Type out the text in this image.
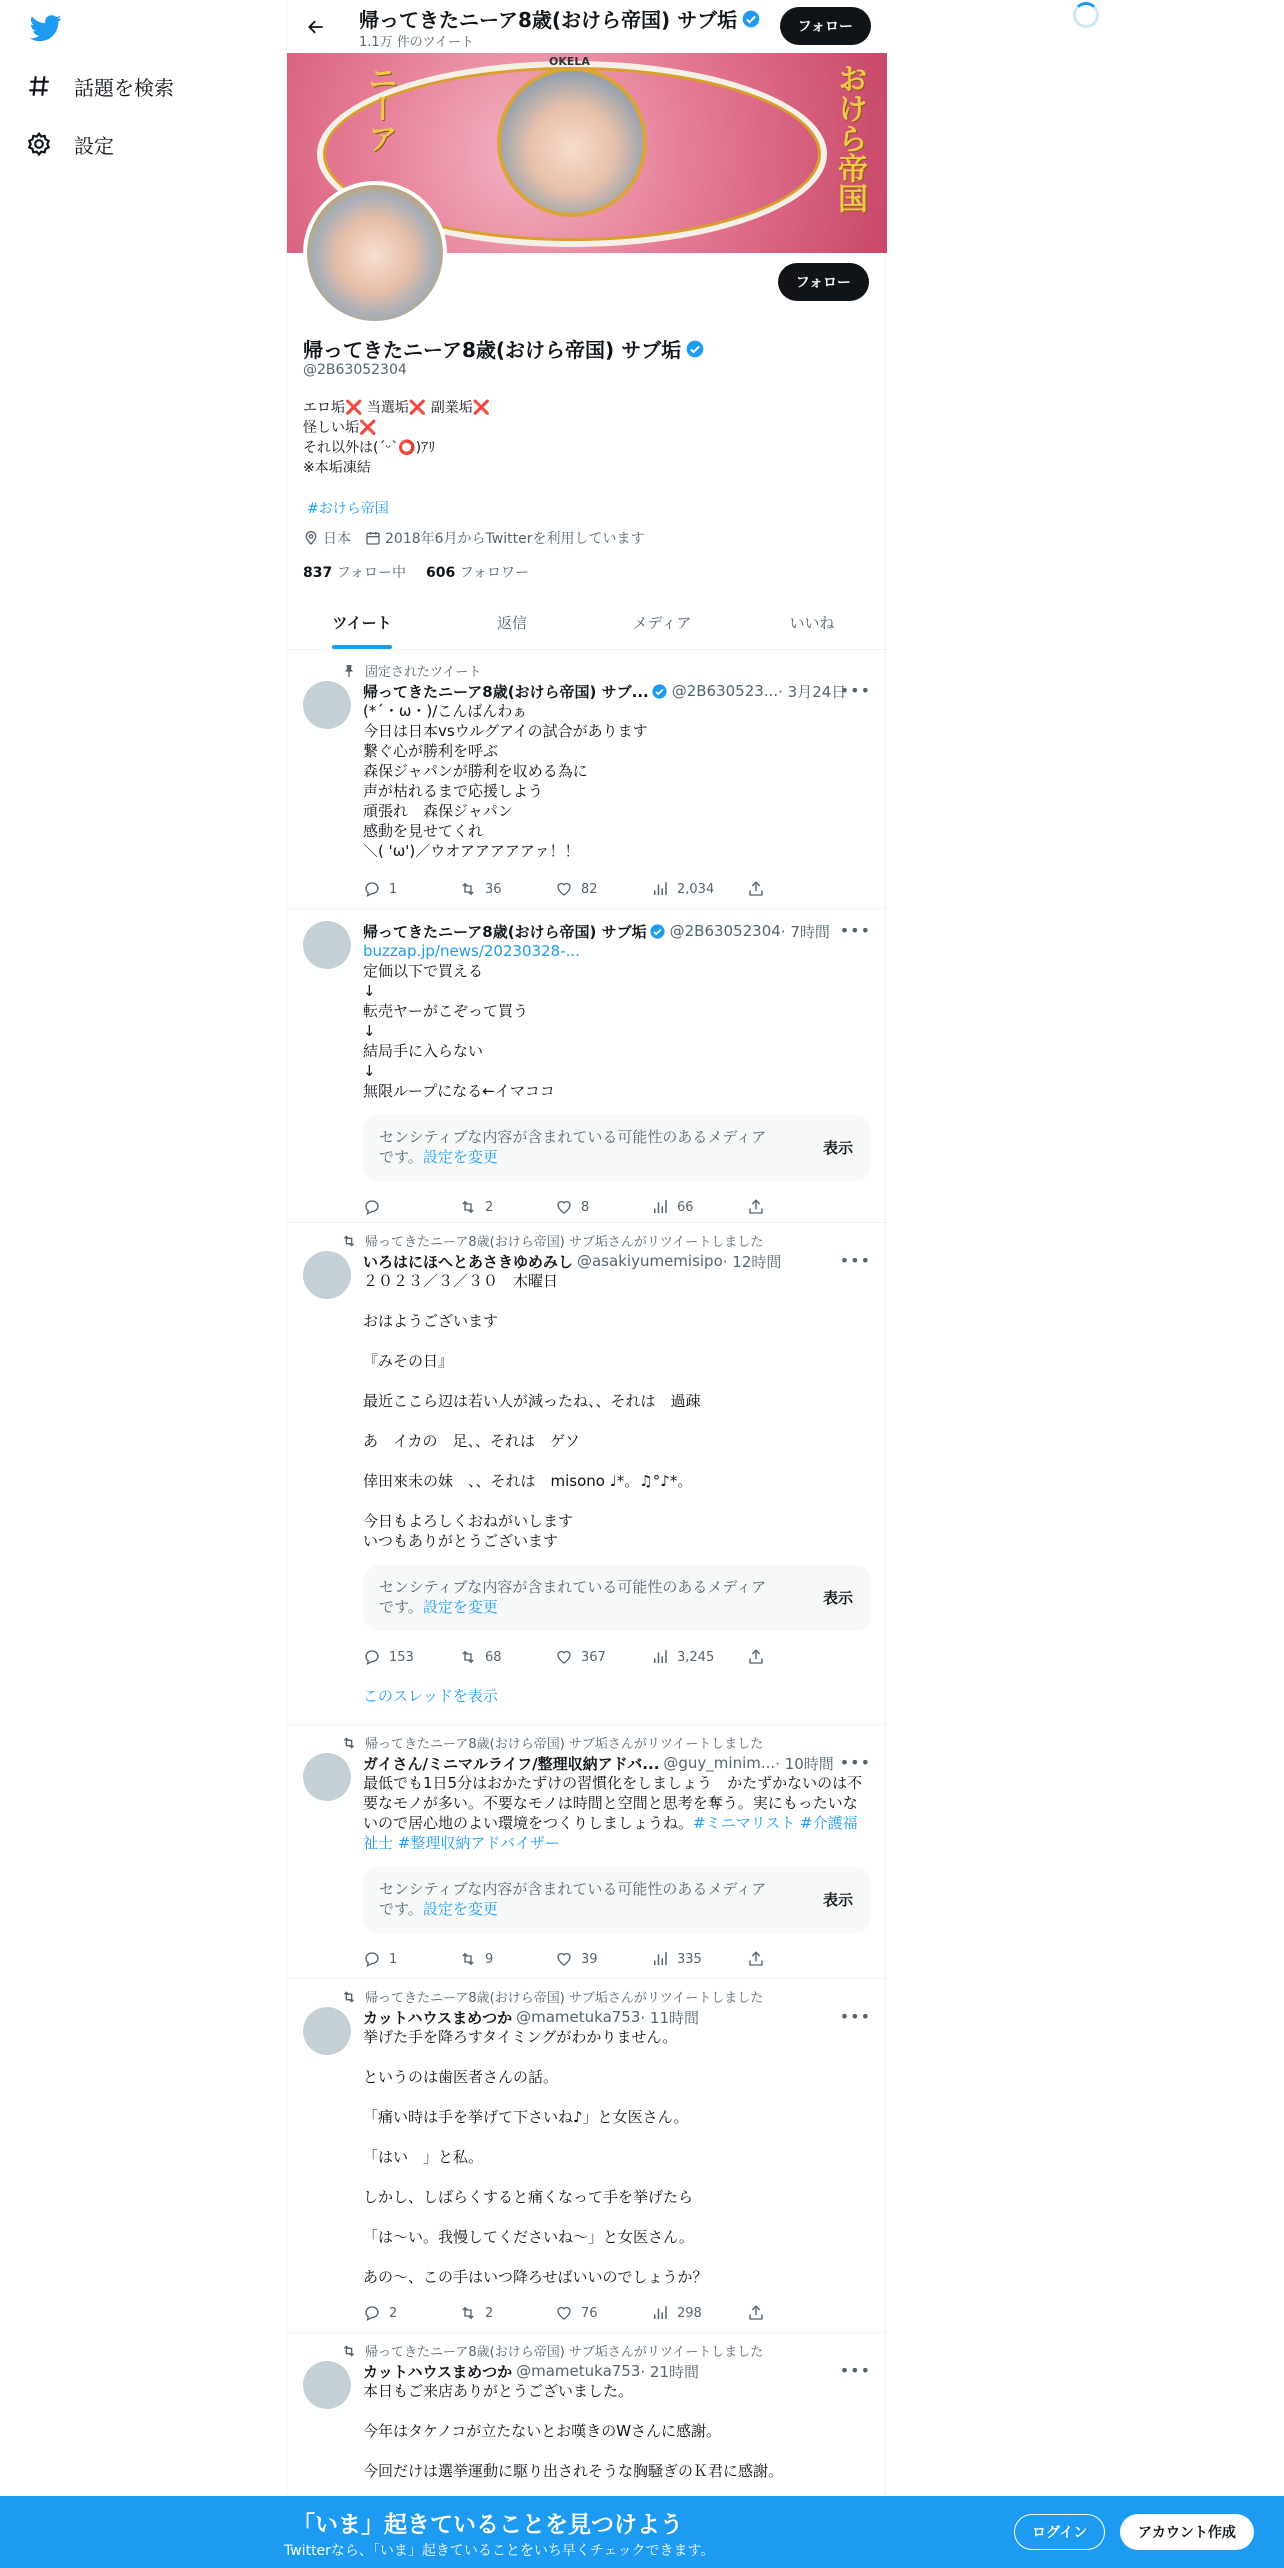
話題を検索
設定
帰ってきたニーア8歳(おけら帝国) サブ垢
1.1万 件のツイート
フォロー
ニーア	おけら帝国
OKELA
フォロー
帰ってきたニーア8歳(おけら帝国) サブ垢
@2B63052304
エロ垢❌ 当選垢❌ 副業垢❌
怪しい垢❌
それ以外は(ˊᵕˋ⭕)ｱﾘ
※本垢凍結
#おけら帝国
日本 2018年6月からTwitterを利用しています
837 フォロー中 606 フォロワー
ツイート	返信	メディア	いいね
固定されたツイート
帰ってきたニーア8歳(おけら帝国) サブ... @2B630523... · 3月24日
•••
(*´・ω・)/こんばんわぁ
今日は日本vsウルグアイの試合があります
繋ぐ心が勝利を呼ぶ
森保ジャパンが勝利を収める為に
声が枯れるまで応援しよう
頑張れ　森保ジャパン
感動を見せてくれ
＼( 'ω')／ウオアアアアアァ！！
1	36	82	2,034
帰ってきたニーア8歳(おけら帝国) サブ垢 @2B63052304 · 7時間 •••
buzzap.jp/news/20230328-...
定価以下で買える
↓
転売ヤーがこぞって買う
↓
結局手に入らない
↓
無限ループになる←イマココ
センシティブな内容が含まれている可能性のあるメディアです。設定を変更	表示
2	8	66
帰ってきたニーア8歳(おけら帝国) サブ垢さんがリツイートしました
いろはにほへとあさきゆめみし @asakiyumemisipo · 12時間	•••
２０２３／３／３０　木曜日

おはようございます

『みその日』

最近ここら辺は若い人が減ったね、、それは　過疎

あ　イカの　足、、それは　ゲソ

倖田來未の妹　、、それは　misono ♩*。♫°♪*。

今日もよろしくおねがいします
いつもありがとうございます
センシティブな内容が含まれている可能性のあるメディアです。設定を変更	表示
153	68	367	3,245
このスレッドを表示
帰ってきたニーア8歳(おけら帝国) サブ垢さんがリツイートしました
ガイさん/ミニマルライフ/整理収納アドバ... @guy_minim... · 10時間 •••
最低でも1日5分はおかたずけの習慣化をしましょう　かたずかないのは不要なモノが多い。不要なモノは時間と空間と思考を奪う。実にもったいないので居心地のよい環境をつくりしましょうね。#ミニマリスト #介護福祉士 #整理収納アドバイザー
センシティブな内容が含まれている可能性のあるメディアです。設定を変更	表示
1	9	39	335
帰ってきたニーア8歳(おけら帝国) サブ垢さんがリツイートしました
カットハウスまめつか @mametuka753 · 11時間	•••
挙げた手を降ろすタイミングがわかりません。

というのは歯医者さんの話。

「痛い時は手を挙げて下さいね♪」と女医さん。

「はい　」と私。

しかし、しばらくすると痛くなって手を挙げたら

「は～い。我慢してくださいね～」と女医さん。

あの～、この手はいつ降ろせばいいのでしょうか？
2	2	76	298
帰ってきたニーア8歳(おけら帝国) サブ垢さんがリツイートしました
カットハウスまめつか @mametuka753 · 21時間	•••
本日もご来店ありがとうございました。

今年はタケノコが立たないとお嘆きのWさんに感謝。

今回だけは選挙運動に駆り出されそうな胸騒ぎのＫ君に感謝。
「いま」起きていることを見つけよう
Twitterなら、「いま」起きていることをいち早くチェックできます。
ログイン	アカウント作成
